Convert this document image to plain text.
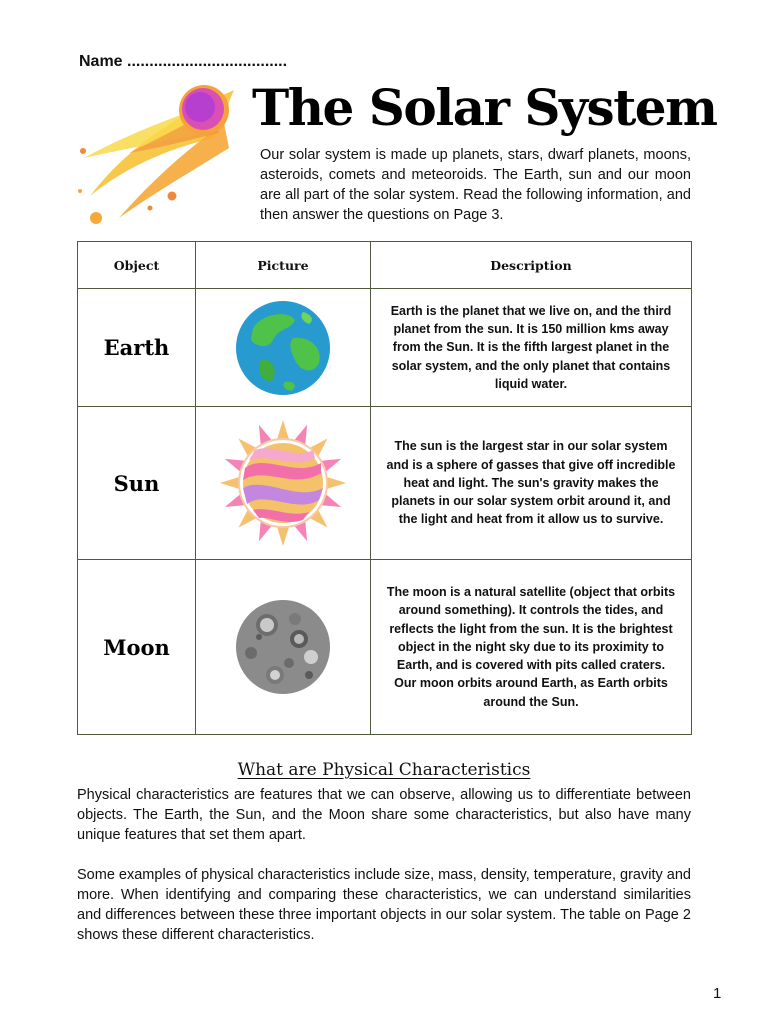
Name ....................................
The Solar System
Our solar system is made up planets, stars, dwarf planets, moons, asteroids, comets and meteoroids. The Earth, sun and our moon are all part of the solar system. Read the following information, and then answer the questions on Page 3.
Object	Picture	Description
Earth		Earth is the planet that we live on, and the third planet from the sun. It is 150 million kms away from the Sun. It is the fifth largest planet in the solar system, and the only planet that contains liquid water.
Sun		The sun is the largest star in our solar system and is a sphere of gasses that give off incredible heat and light. The sun's gravity makes the planets in our solar system orbit around it, and the light and heat from it allow us to survive.
Moon		The moon is a natural satellite (object that orbits around something). It controls the tides, and reflects the light from the sun. It is the brightest object in the night sky due to its proximity to Earth, and is covered with pits called craters. Our moon orbits around Earth, as Earth orbits around the Sun.
What are Physical Characteristics

Physical characteristics are features that we can observe, allowing us to differentiate between objects. The Earth, the Sun, and the Moon share some characteristics, but also have many unique features that set them apart.

Some examples of physical characteristics include size, mass, density, temperature, gravity and more. When identifying and comparing these characteristics, we can understand similarities and differences between these three important objects in our solar system. The table on Page 2 shows these different characteristics.

1
